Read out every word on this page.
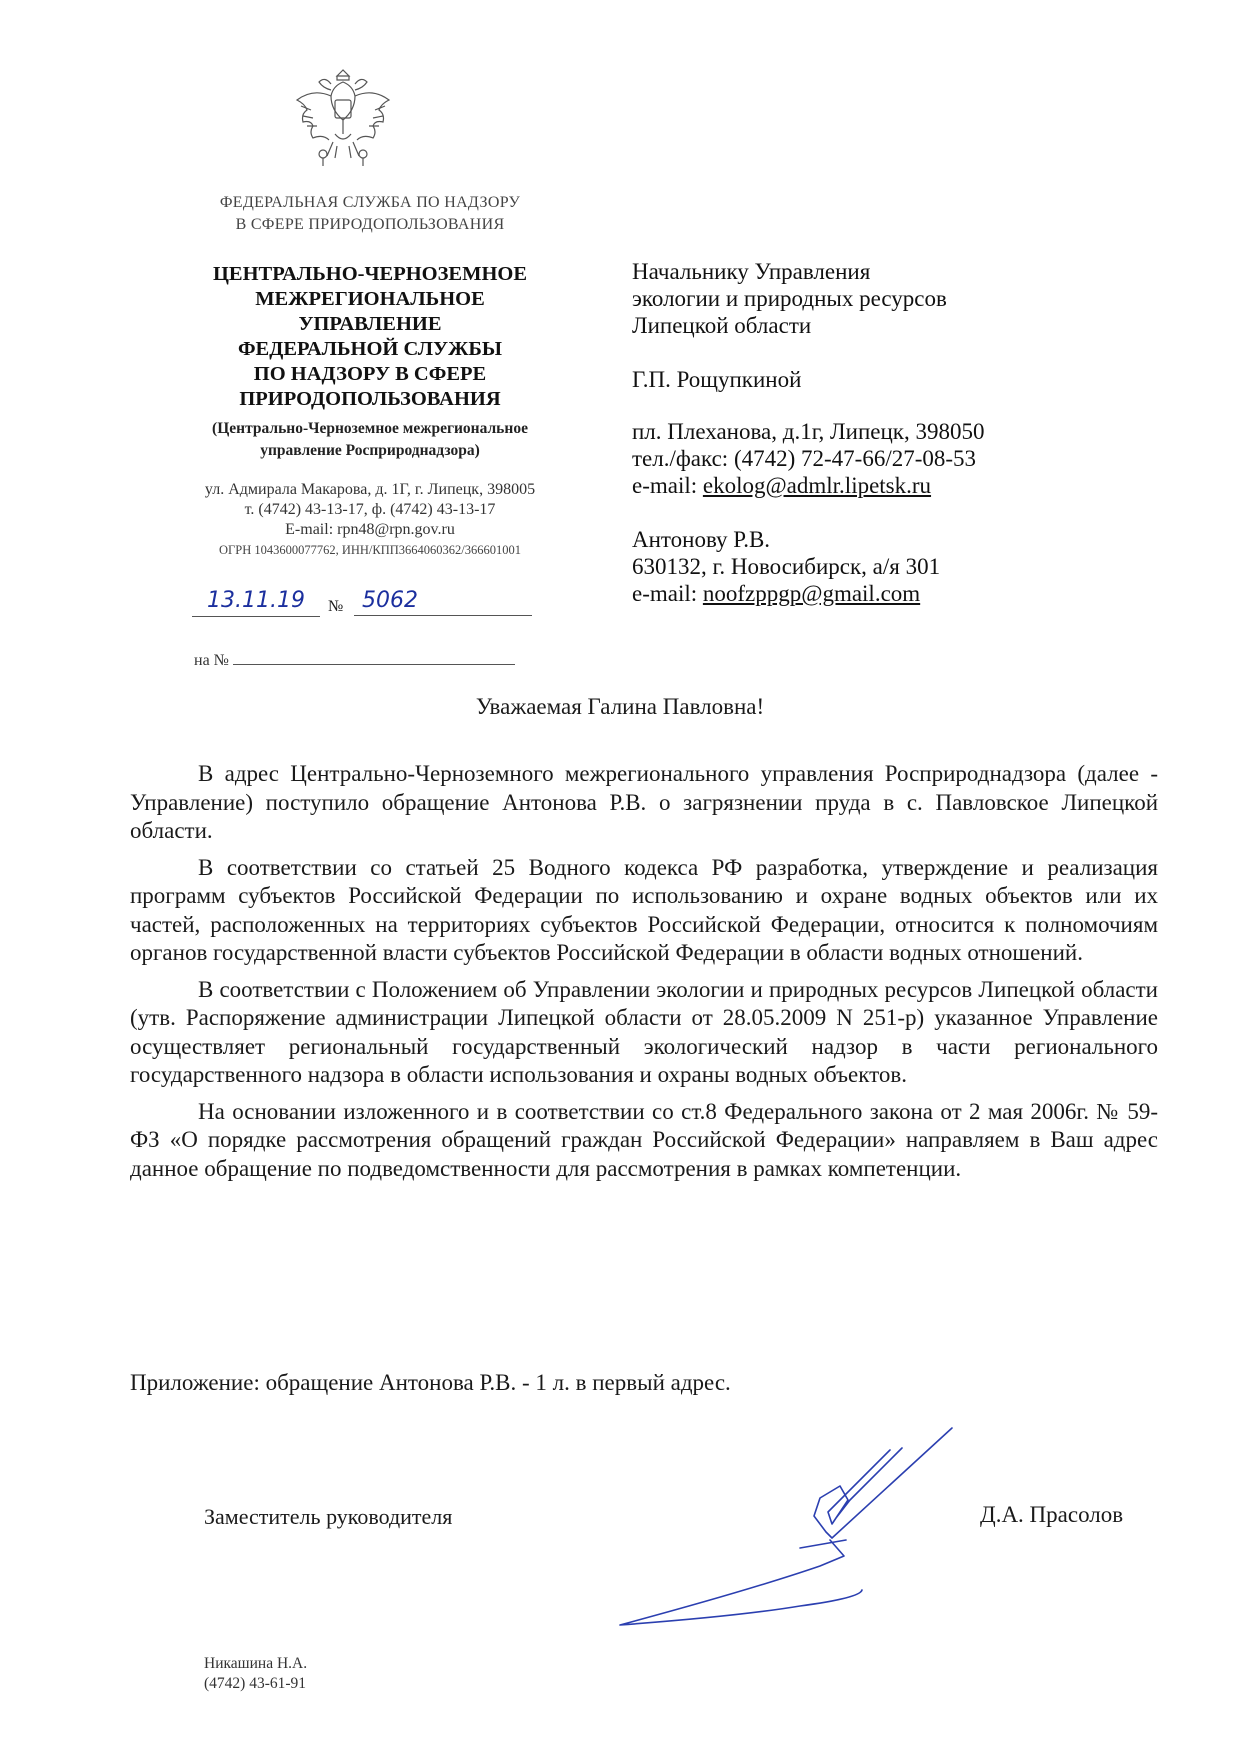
ФЕДЕРАЛЬНАЯ СЛУЖБА ПО НАДЗОРУ
В СФЕРЕ ПРИРОДОПОЛЬЗОВАНИЯ
ЦЕНТРАЛЬНО-ЧЕРНОЗЕМНОЕ
МЕЖРЕГИОНАЛЬНОЕ
УПРАВЛЕНИЕ
ФЕДЕРАЛЬНОЙ СЛУЖБЫ
ПО НАДЗОРУ В СФЕРЕ
ПРИРОДОПОЛЬЗОВАНИЯ
(Центрально-Черноземное межрегиональное
управление Росприроднадзора)
ул. Адмирала Макарова, д. 1Г, г. Липецк, 398005
т. (4742) 43-13-17, ф. (4742) 43-13-17
E-mail: rpn48@rpn.gov.ru
ОГРН 1043600077762, ИНН/КПП3664060362/366601001
13.11.19	№ 5062
на №
Начальнику Управления
экологии и природных ресурсов
Липецкой области
Г.П. Рощупкиной
пл. Плеханова, д.1г, Липецк, 398050
тел./факс: (4742) 72-47-66/27-08-53
e-mail: ekolog@admlr.lipetsk.ru
Антонову Р.В.
630132, г. Новосибирск, а/я 301
e-mail: noofzppgp@gmail.com
Уважаемая Галина Павловна!

В адрес Центрально-Черноземного межрегионального управления Росприроднадзора (далее - Управление) поступило обращение Антонова Р.В. о загрязнении пруда в с. Павловское Липецкой области.

В соответствии со статьей 25 Водного кодекса РФ разработка, утверждение и реализация программ субъектов Российской Федерации по использованию и охране водных объектов или их частей, расположенных на территориях субъектов Российской Федерации, относится к полномочиям органов государственной власти субъектов Российской Федерации в области водных отношений.

В соответствии с Положением об Управлении экологии и природных ресурсов Липецкой области (утв. Распоряжение администрации Липецкой области от 28.05.2009 N 251-р) указанное Управление осуществляет региональный государственный экологический надзор в части регионального государственного надзора в области использования и охраны водных объектов.

На основании изложенного и в соответствии со ст.8 Федерального закона от 2 мая 2006г. № 59-ФЗ «О порядке рассмотрения обращений граждан Российской Федерации» направляем в Ваш адрес данное обращение по подведомственности для рассмотрения в рамках компетенции.

Приложение: обращение Антонова Р.В. - 1 л. в первый адрес.
Заместитель руководителя	Д.А. Прасолов
Никашина Н.А.
(4742) 43-61-91
